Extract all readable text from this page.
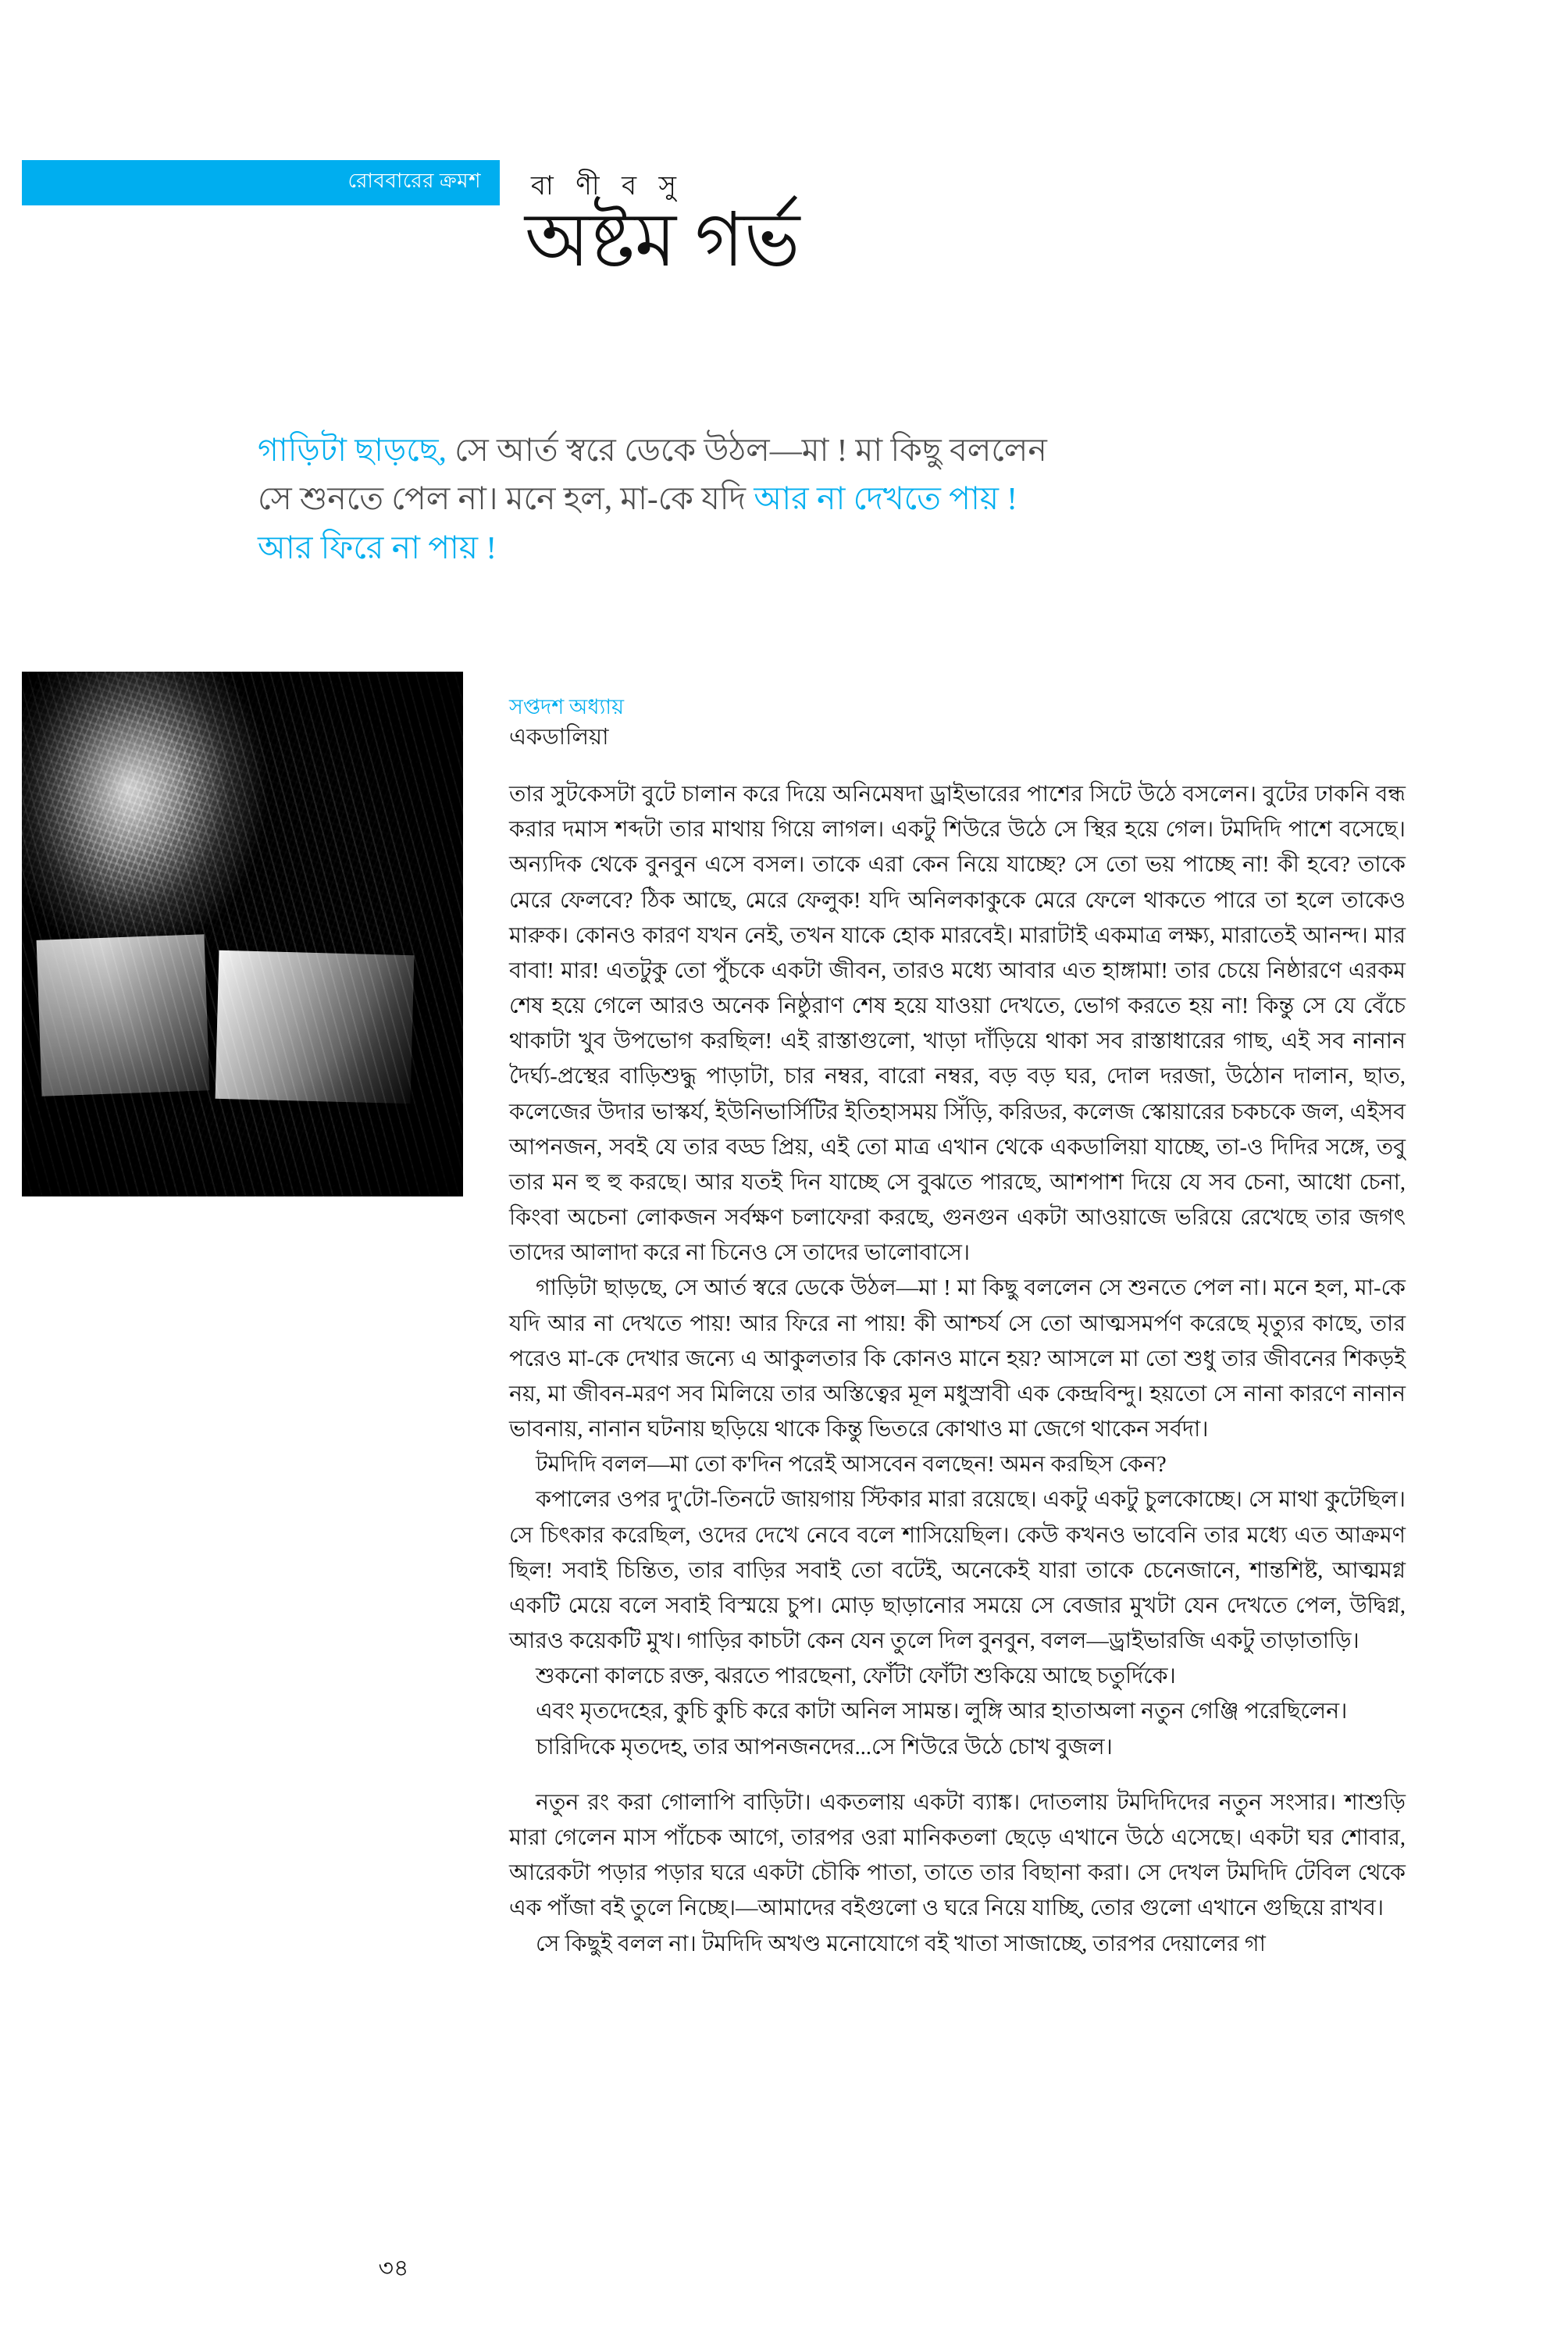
রোববারের ক্রমশ বা ণী ব সু
অষ্টম গর্ভ
গাড়িটা ছাড়ছে, সে আর্ত স্বরে ডেকে উঠল—মা ! মা কিছু বললেন
সে শুনতে পেল না। মনে হল, মা-কে যদি আর না দেখতে পায় !
আর ফিরে না পায় !
সপ্তদশ অধ্যায়
একডালিয়া

তার সুটকেসটা বুটে চালান করে দিয়ে অনিমেষদা ড্রাইভারের পাশের সিটে উঠে বসলেন। বুটের ঢাকনি বন্ধ করার দমাস শব্দটা তার মাথায় গিয়ে লাগল। একটু শিউরে উঠে সে স্থির হয়ে গেল। টমদিদি পাশে বসেছে। অন্যদিক থেকে বুনবুন এসে বসল। তাকে এরা কেন নিয়ে যাচ্ছে? সে তো ভয় পাচ্ছে না! কী হবে? তাকে মেরে ফেলবে? ঠিক আছে, মেরে ফেলুক! যদি অনিলকাকুকে মেরে ফেলে থাকতে পারে তা হলে তাকেও মারুক। কোনও কারণ যখন নেই, তখন যাকে হোক মারবেই। মারাটাই একমাত্র লক্ষ্য, মারাতেই আনন্দ। মার বাবা! মার! এতটুকু তো পুঁচকে একটা জীবন, তারও মধ্যে আবার এত হাঙ্গামা! তার চেয়ে নিষ্ঠারণে এরকম শেষ হয়ে গেলে আরও অনেক নিষ্ঠুরাণ শেষ হয়ে যাওয়া দেখতে, ভোগ করতে হয় না! কিন্তু সে যে বেঁচে থাকাটা খুব উপভোগ করছিল! এই রাস্তাগুলো, খাড়া দাঁড়িয়ে থাকা সব রাস্তাধারের গাছ, এই সব নানান দৈর্ঘ্য-প্রস্থের বাড়িশুদ্ধু পাড়াটা, চার নম্বর, বারো নম্বর, বড় বড় ঘর, দোল দরজা, উঠোন দালান, ছাত, কলেজের উদার ভাস্কর্য, ইউনিভার্সিটির ইতিহাসময় সিঁড়ি, করিডর, কলেজ স্কোয়ারের চকচকে জল, এইসব আপনজন, সবই যে তার বড্ড প্রিয়, এই তো মাত্র এখান থেকে একডালিয়া যাচ্ছে, তা-ও দিদির সঙ্গে, তবু তার মন হু হু করছে। আর যতই দিন যাচ্ছে সে বুঝতে পারছে, আশপাশ দিয়ে যে সব চেনা, আধো চেনা, কিংবা অচেনা লোকজন সর্বক্ষণ চলাফেরা করছে, গুনগুন একটা আওয়াজে ভরিয়ে রেখেছে তার জগৎ তাদের আলাদা করে না চিনেও সে তাদের ভালোবাসে।

গাড়িটা ছাড়ছে, সে আর্ত স্বরে ডেকে উঠল—মা ! মা কিছু বললেন সে শুনতে পেল না। মনে হল, মা-কে যদি আর না দেখতে পায়! আর ফিরে না পায়! কী আশ্চর্য সে তো আত্মসমর্পণ করেছে মৃত্যুর কাছে, তার পরেও মা-কে দেখার জন্যে এ আকুলতার কি কোনও মানে হয়? আসলে মা তো শুধু তার জীবনের শিকড়ই নয়, মা জীবন-মরণ সব মিলিয়ে তার অস্তিত্বের মূল মধুস্রাবী এক কেন্দ্রবিন্দু। হয়তো সে নানা কারণে নানান ভাবনায়, নানান ঘটনায় ছড়িয়ে থাকে কিন্তু ভিতরে কোথাও মা জেগে থাকেন সর্বদা।

টমদিদি বলল—মা তো ক'দিন পরেই আসবেন বলছেন! অমন করছিস কেন?

কপালের ওপর দু'টো-তিনটে জায়গায় স্টিকার মারা রয়েছে। একটু একটু চুলকোচ্ছে। সে মাথা কুটেছিল। সে চিৎকার করেছিল, ওদের দেখে নেবে বলে শাসিয়েছিল। কেউ কখনও ভাবেনি তার মধ্যে এত আক্রমণ ছিল! সবাই চিন্তিত, তার বাড়ির সবাই তো বটেই, অনেকেই যারা তাকে চেনেজানে, শান্তশিষ্ট, আত্মমগ্ন একটি মেয়ে বলে সবাই বিস্ময়ে চুপ। মোড় ছাড়ানোর সময়ে সে বেজার মুখটা যেন দেখতে পেল, উদ্বিগ্ন, আরও কয়েকটি মুখ। গাড়ির কাচটা কেন যেন তুলে দিল বুনবুন, বলল—ড্রাইভারজি একটু তাড়াতাড়ি।

শুকনো কালচে রক্ত, ঝরতে পারছেনা, ফোঁটা ফোঁটা শুকিয়ে আছে চতুর্দিকে।

এবং মৃতদেহের, কুচি কুচি করে কাটা অনিল সামন্ত। লুঙ্গি আর হাতাঅলা নতুন গেঞ্জি পরেছিলেন।

চারিদিকে মৃতদেহ, তার আপনজনদের...সে শিউরে উঠে চোখ বুজল।

নতুন রং করা গোলাপি বাড়িটা। একতলায় একটা ব্যাঙ্ক। দোতলায় টমদিদিদের নতুন সংসার। শাশুড়ি মারা গেলেন মাস পাঁচেক আগে, তারপর ওরা মানিকতলা ছেড়ে এখানে উঠে এসেছে। একটা ঘর শোবার, আরেকটা পড়ার পড়ার ঘরে একটা চৌকি পাতা, তাতে তার বিছানা করা। সে দেখল টমদিদি টেবিল থেকে এক পাঁজা বই তুলে নিচ্ছে।—আমাদের বইগুলো ও ঘরে নিয়ে যাচ্ছি, তোর গুলো এখানে গুছিয়ে রাখব।

সে কিছুই বলল না। টমদিদি অখণ্ড মনোযোগে বই খাতা সাজাচ্ছে, তারপর দেয়ালের গা

৩৪
